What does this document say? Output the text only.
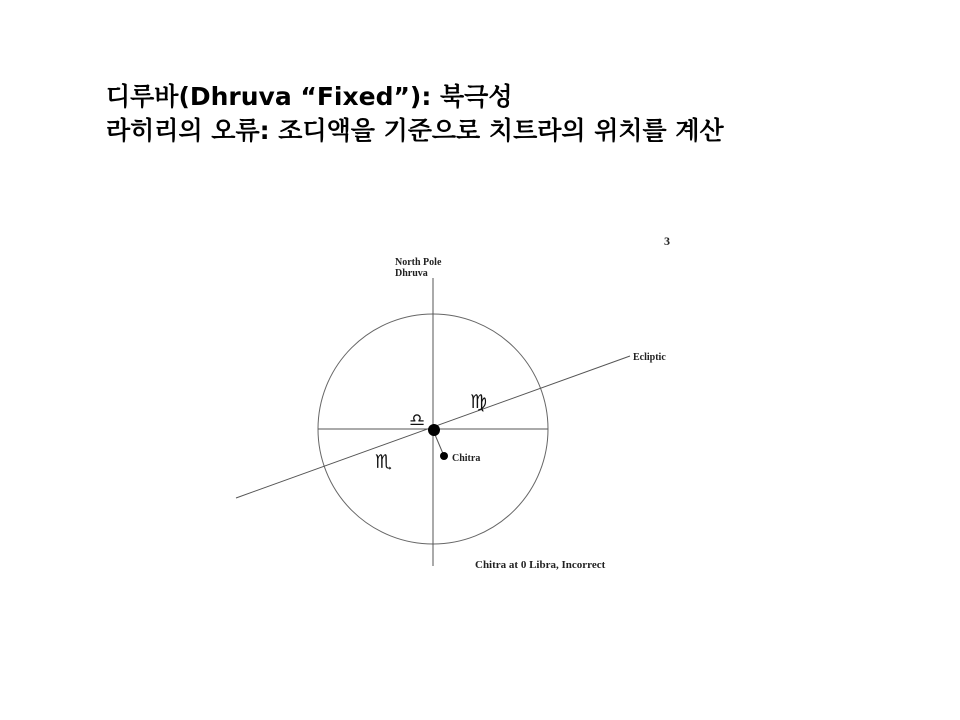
디루바(Dhruva “Fixed”): 북극성
라히리의 오류: 조디액을 기준으로 치트라의 위치를 계산
3
North Pole
Dhruva
Ecliptic
Chitra
♍
♎
♏
Chitra at 0 Libra, Incorrect
